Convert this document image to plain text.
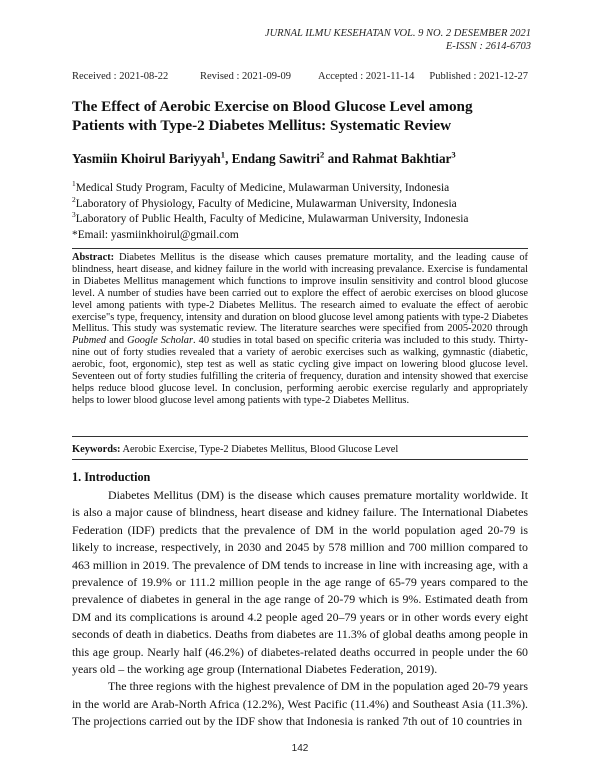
JURNAL ILMU KESEHATAN VOL. 9 NO. 2 DESEMBER 2021
E-ISSN : 2614-6703
Received : 2021-08-22	Revised : 2021-09-09	Accepted : 2021-11-14 Published : 2021-12-27
The Effect of Aerobic Exercise on Blood Glucose Level among Patients with Type-2 Diabetes Mellitus: Systematic Review
Yasmiin Khoirul Bariyyah$^1$, Endang Sawitri$^2$ and Rahmat Bakhtiar$^3$
$^1$Medical Study Program, Faculty of Medicine, Mulawarman University, Indonesia
$^2$Laboratory of Physiology, Faculty of Medicine, Mulawarman University, Indonesia
$^3$Laboratory of Public Health, Faculty of Medicine, Mulawarman University, Indonesia
*Email: yasmiinkhoirul@gmail.com
Abstract: Diabetes Mellitus is the disease which causes premature mortality, and the leading cause of blindness, heart disease, and kidney failure in the world with increasing prevalance. Exercise is fundamental in Diabetes Mellitus management which functions to improve insulin sensitivity and control blood glucose level. A number of studies have been carried out to explore the effect of aerobic exercises on blood glucose level among patients with type-2 Diabetes Mellitus. The research aimed to evaluate the effect of aerobic exercise"s type, frequency, intensity and duration on blood glucose level among patients with type-2 Diabetes Mellitus. This study was systematic review. The literature searches were specified from 2005-2020 through Pubmed and Google Scholar. 40 studies in total based on specific criteria was included to this study. Thirty-nine out of forty studies revealed that a variety of aerobic exercises such as walking, gymnastic (diabetic, aerobic, foot, ergonomic), step test as well as static cycling give impact on lowering blood glucose level. Seventeen out of forty studies fulfilling the criteria of frequency, duration and intensity showed that exercise helps reduce blood glucose level. In conclusion, performing aerobic exercise regularly and appropriately helps to lower blood glucose level among patients with type-2 Diabetes Mellitus.
Keywords: Aerobic Exercise, Type-2 Diabetes Mellitus, Blood Glucose Level
1. Introduction

Diabetes Mellitus (DM) is the disease which causes premature mortality worldwide. It is also a major cause of blindness, heart disease and kidney failure. The International Diabetes Federation (IDF) predicts that the prevalence of DM in the world population aged 20-79 is likely to increase, respectively, in 2030 and 2045 by 578 million and 700 million compared to 463 million in 2019. The prevalence of DM tends to increase in line with increasing age, with a prevalence of 19.9% or 111.2 million people in the age range of 65-79 years compared to the prevalence of diabetes in general in the age range of 20-79 which is 9%. Estimated death from DM and its complications is around 4.2 people aged 20–79 years or in other words every eight seconds of death in diabetics. Deaths from diabetes are 11.3% of global deaths among people in this age group. Nearly half (46.2%) of diabetes-related deaths occurred in people under the 60 years old – the working age group (International Diabetes Federation, 2019).

The three regions with the highest prevalence of DM in the population aged 20-79 years in the world are Arab-North Africa (12.2%), West Pacific (11.4%) and Southeast Asia (11.3%). The projections carried out by the IDF show that Indonesia is ranked 7th out of 10 countries in

142
